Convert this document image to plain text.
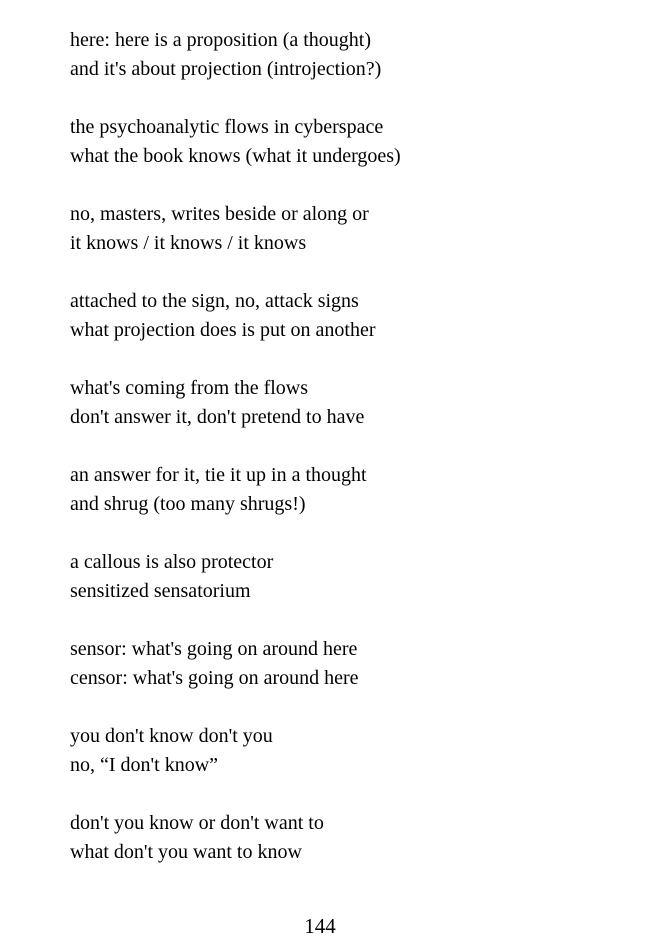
here: here is a proposition (a thought)
and it's about projection (introjection?)
the psychoanalytic flows in cyberspace
what the book knows (what it undergoes)
no, masters, writes beside or along or
it knows / it knows / it knows
attached to the sign, no, attack signs
what projection does is put on another
what's coming from the flows
don't answer it, don't pretend to have
an answer for it, tie it up in a thought
and shrug (too many shrugs!)
a callous is also protector
sensitized sensatorium
sensor: what's going on around here
censor: what's going on around here
you don't know don't you
no, “I don't know”
don't you know or don't want to
what don't you want to know
144
